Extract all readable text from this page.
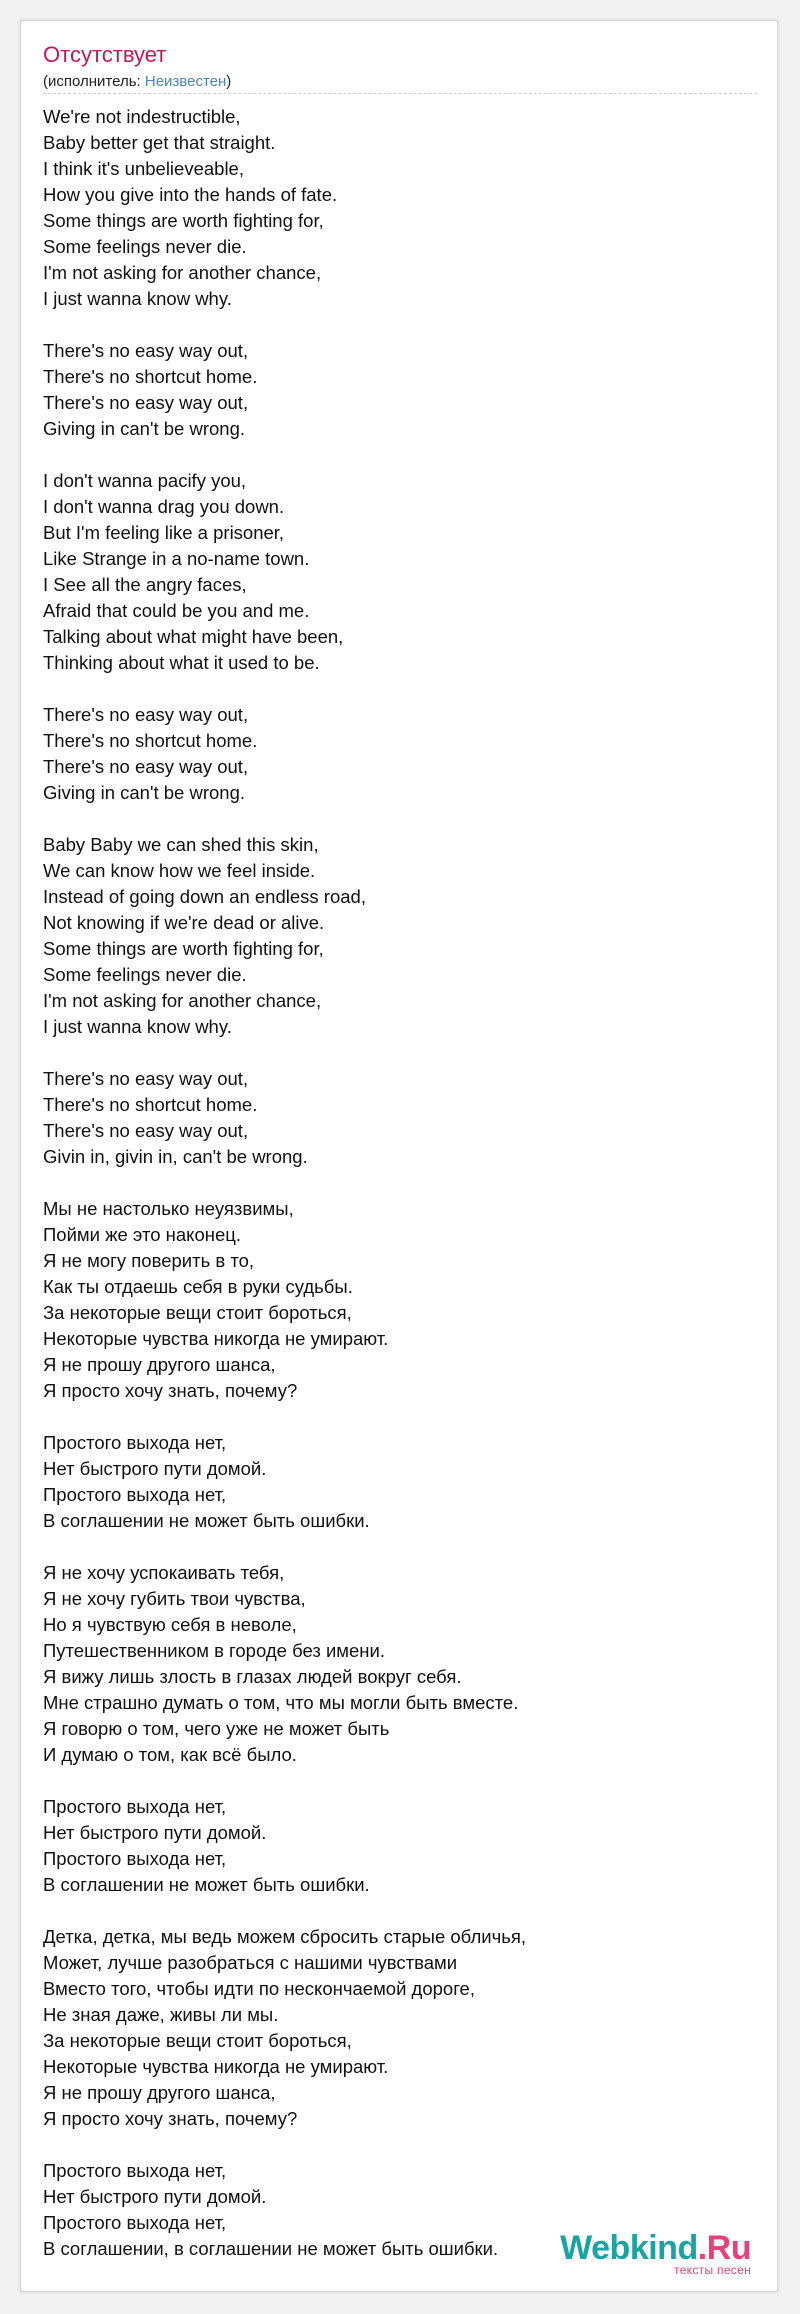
Отсутствует
(исполнитель: Неизвестен)
We're not indestructible,
Baby better get that straight.
I think it's unbelieveable,
How you give into the hands of fate.
Some things are worth fighting for,
Some feelings never die.
I'm not asking for another chance,
I just wanna know why.
There's no easy way out,
There's no shortcut home.
There's no easy way out,
Giving in can't be wrong.
I don't wanna pacify you,
I don't wanna drag you down.
But I'm feeling like a prisoner,
Like Strange in a no-name town.
I See all the angry faces,
Afraid that could be you and me.
Talking about what might have been,
Thinking about what it used to be.
There's no easy way out,
There's no shortcut home.
There's no easy way out,
Giving in can't be wrong.
Baby Baby we can shed this skin,
We can know how we feel inside.
Instead of going down an endless road,
Not knowing if we're dead or alive.
Some things are worth fighting for,
Some feelings never die.
I'm not asking for another chance,
I just wanna know why.
There's no easy way out,
There's no shortcut home.
There's no easy way out,
Givin in, givin in, can't be wrong.
Мы не настолько неуязвимы,
Пойми же это наконец.
Я не могу поверить в то,
Как ты отдаешь себя в руки судьбы.
За некоторые вещи стоит бороться,
Некоторые чувства никогда не умирают.
Я не прошу другого шанса,
Я просто хочу знать, почему?
Простого выхода нет,
Нет быстрого пути домой.
Простого выхода нет,
В соглашении не может быть ошибки.
Я не хочу успокаивать тебя,
Я не хочу губить твои чувства,
Но я чувствую себя в неволе,
Путешественником в городе без имени.
Я вижу лишь злость в глазах людей вокруг себя.
Мне страшно думать о том, что мы могли быть вместе.
Я говорю о том, чего уже не может быть
И думаю о том, как всё было.
Простого выхода нет,
Нет быстрого пути домой.
Простого выхода нет,
В соглашении не может быть ошибки.
Детка, детка, мы ведь можем сбросить старые обличья,
Может, лучше разобраться с нашими чувствами
Вместо того, чтобы идти по нескончаемой дороге,
Не зная даже, живы ли мы.
За некоторые вещи стоит бороться,
Некоторые чувства никогда не умирают.
Я не прошу другого шанса,
Я просто хочу знать, почему?
Простого выхода нет,
Нет быстрого пути домой.
Простого выхода нет,
В соглашении, в соглашении не может быть ошибки.	Webkind.Ru
тексты песен
